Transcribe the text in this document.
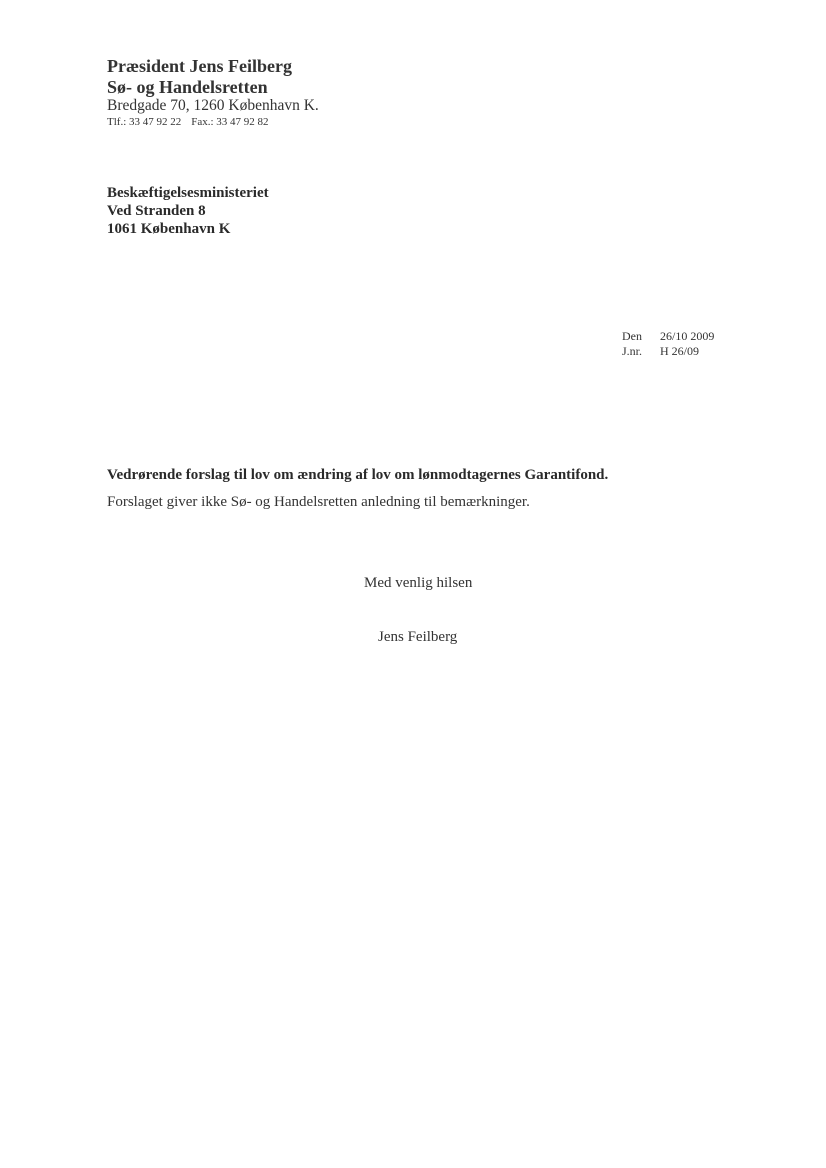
Præsident Jens Feilberg
Sø- og Handelsretten
Bredgade 70, 1260 København K.
Tlf.: 33 47 92 22 Fax.: 33 47 92 82
Beskæftigelsesministeriet
Ved Stranden 8
1061 København K
Den 26/10 2009
J.nr. H 26/09
Vedrørende forslag til lov om ændring af lov om lønmodtagernes Garantifond.
Forslaget giver ikke Sø- og Handelsretten anledning til bemærkninger.
Med venlig hilsen
Jens Feilberg
